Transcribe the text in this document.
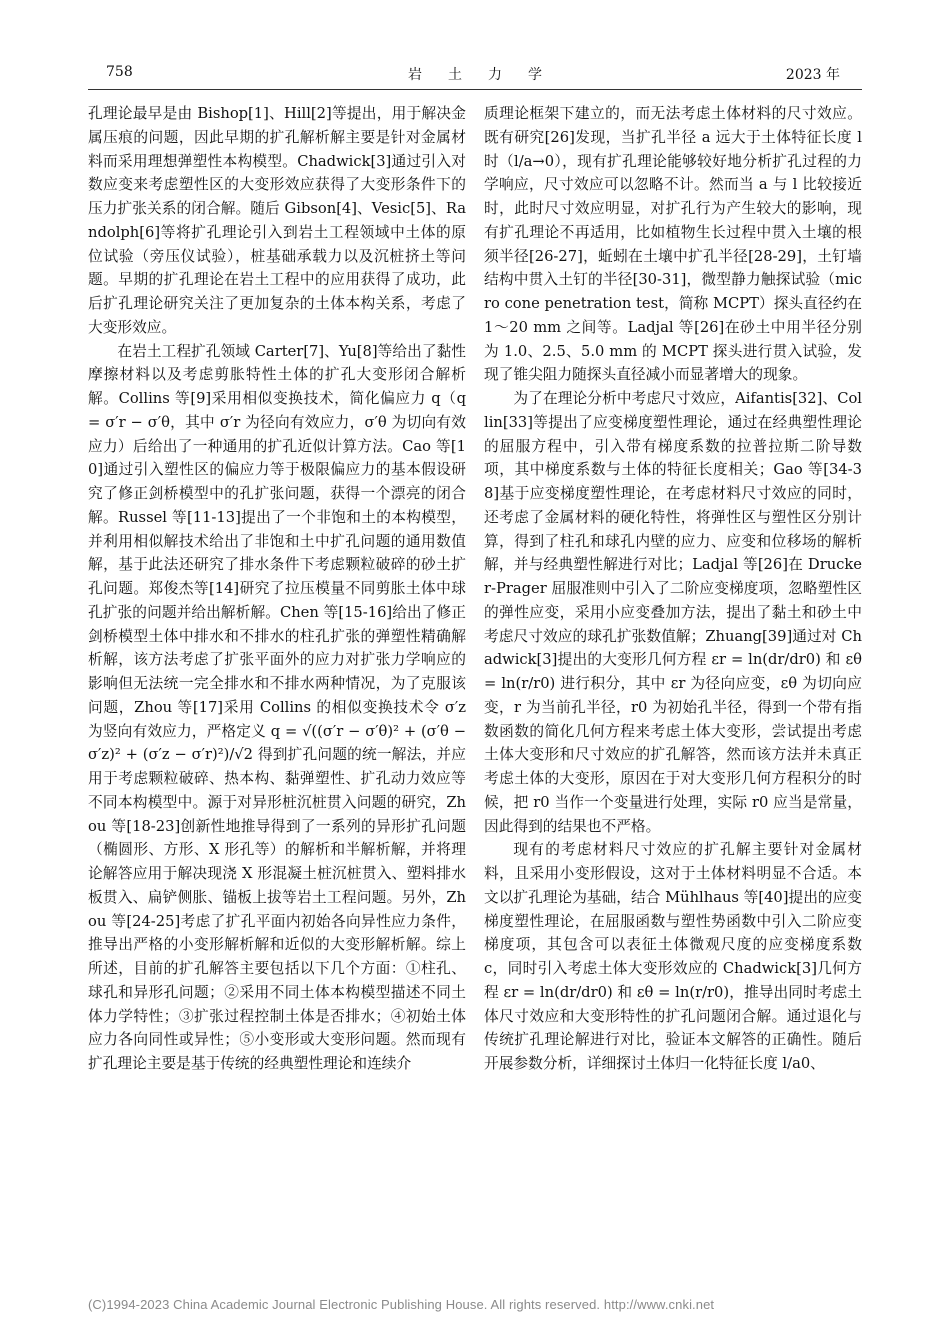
758	岩土力学	2023 年

孔理论最早是由 Bishop[1]、Hill[2]等提出，用于解决金属压痕的问题，因此早期的扩孔解析解主要是针对金属材料而采用理想弹塑性本构模型。Chadwick[3]通过引入对数应变来考虑塑性区的大变形效应获得了大变形条件下的压力扩张关系的闭合解。随后 Gibson[4]、Vesic[5]、Randolph[6]等将扩孔理论引入到岩土工程领域中土体的原位试验（旁压仪试验），桩基础承载力以及沉桩挤土等问题。早期的扩孔理论在岩土工程中的应用获得了成功，此后扩孔理论研究关注了更加复杂的土体本构关系，考虑了大变形效应。

在岩土工程扩孔领域 Carter[7]、Yu[8]等给出了黏性摩擦材料以及考虑剪胀特性土体的扩孔大变形闭合解析解。Collins 等[9]采用相似变换技术，简化偏应力 q（q = σ′r − σ′θ，其中 σ′r 为径向有效应力，σ′θ 为切向有效应力）后给出了一种通用的扩孔近似计算方法。Cao 等[10]通过引入塑性区的偏应力等于极限偏应力的基本假设研究了修正剑桥模型中的孔扩张问题，获得一个漂亮的闭合解。Russel 等[11-13]提出了一个非饱和土的本构模型，并利用相似解技术给出了非饱和土中扩孔问题的通用数值解，基于此法还研究了排水条件下考虑颗粒破碎的砂土扩孔问题。郑俊杰等[14]研究了拉压模量不同剪胀土体中球孔扩张的问题并给出解析解。Chen 等[15-16]给出了修正剑桥模型土体中排水和不排水的柱孔扩张的弹塑性精确解析解，该方法考虑了扩张平面外的应力对扩张力学响应的影响但无法统一完全排水和不排水两种情况，为了克服该问题，Zhou 等[17]采用 Collins 的相似变换技术令 σ′z 为竖向有效应力，严格定义 q = √((σ′r − σ′θ)² + (σ′θ − σ′z)² + (σ′z − σ′r)²)/√2 得到扩孔问题的统一解法，并应用于考虑颗粒破碎、热本构、黏弹塑性、扩孔动力效应等不同本构模型中。源于对异形桩沉桩贯入问题的研究，Zhou 等[18-23]创新性地推导得到了一系列的异形扩孔问题（椭圆形、方形、X 形孔等）的解析和半解析解，并将理论解答应用于解决现浇 X 形混凝土桩沉桩贯入、塑料排水板贯入、扁铲侧胀、锚板上拔等岩土工程问题。另外，Zhou 等[24-25]考虑了扩孔平面内初始各向异性应力条件，推导出严格的小变形解析解和近似的大变形解析解。综上所述，目前的扩孔解答主要包括以下几个方面：①柱孔、球孔和异形孔问题；②采用不同土体本构模型描述不同土体力学特性；③扩张过程控制土体是否排水；④初始土体应力各向同性或异性；⑤小变形或大变形问题。然而现有扩孔理论主要是基于传统的经典塑性理论和连续介

质理论框架下建立的，而无法考虑土体材料的尺寸效应。既有研究[26]发现，当扩孔半径 a 远大于土体特征长度 l 时（l/a→0），现有扩孔理论能够较好地分析扩孔过程的力学响应，尺寸效应可以忽略不计。然而当 a 与 l 比较接近时，此时尺寸效应明显，对扩孔行为产生较大的影响，现有扩孔理论不再适用，比如植物生长过程中贯入土壤的根须半径[26-27]，蚯蚓在土壤中扩孔半径[28-29]，土钉墙结构中贯入土钉的半径[30-31]，微型静力触探试验（micro cone penetration test，简称 MCPT）探头直径约在 1～20 mm 之间等。Ladjal 等[26]在砂土中用半径分别为 1.0、2.5、5.0 mm 的 MCPT 探头进行贯入试验，发现了锥尖阻力随探头直径减小而显著增大的现象。

为了在理论分析中考虑尺寸效应，Aifantis[32]、Collin[33]等提出了应变梯度塑性理论，通过在经典塑性理论的屈服方程中，引入带有梯度系数的拉普拉斯二阶导数项，其中梯度系数与土体的特征长度相关；Gao 等[34-38]基于应变梯度塑性理论，在考虑材料尺寸效应的同时，还考虑了金属材料的硬化特性，将弹性区与塑性区分别计算，得到了柱孔和球孔内壁的应力、应变和位移场的解析解，并与经典塑性解进行对比；Ladjal 等[26]在 Drucker-Prager 屈服准则中引入了二阶应变梯度项，忽略塑性区的弹性应变，采用小应变叠加方法，提出了黏土和砂土中考虑尺寸效应的球孔扩张数值解；Zhuang[39]通过对 Chadwick[3]提出的大变形几何方程 εr = ln(dr/dr0) 和 εθ = ln(r/r0) 进行积分，其中 εr 为径向应变，εθ 为切向应变，r 为当前孔半径，r0 为初始孔半径，得到一个带有指数函数的简化几何方程来考虑土体大变形，尝试提出考虑土体大变形和尺寸效应的扩孔解答，然而该方法并未真正考虑土体的大变形，原因在于对大变形几何方程积分的时候，把 r0 当作一个变量进行处理，实际 r0 应当是常量，因此得到的结果也不严格。

现有的考虑材料尺寸效应的扩孔解主要针对金属材料，且采用小变形假设，这对于土体材料明显不合适。本文以扩孔理论为基础，结合 Mühlhaus 等[40]提出的应变梯度塑性理论，在屈服函数与塑性势函数中引入二阶应变梯度项，其包含可以表征土体微观尺度的应变梯度系数 c，同时引入考虑土体大变形效应的 Chadwick[3]几何方程 εr = ln(dr/dr0) 和 εθ = ln(r/r0)，推导出同时考虑土体尺寸效应和大变形特性的扩孔问题闭合解。通过退化与传统扩孔理论解进行对比，验证本文解答的正确性。随后开展参数分析，详细探讨土体归一化特征长度 l/a0、

(C)1994-2023 China Academic Journal Electronic Publishing House. All rights reserved. http://www.cnki.net
